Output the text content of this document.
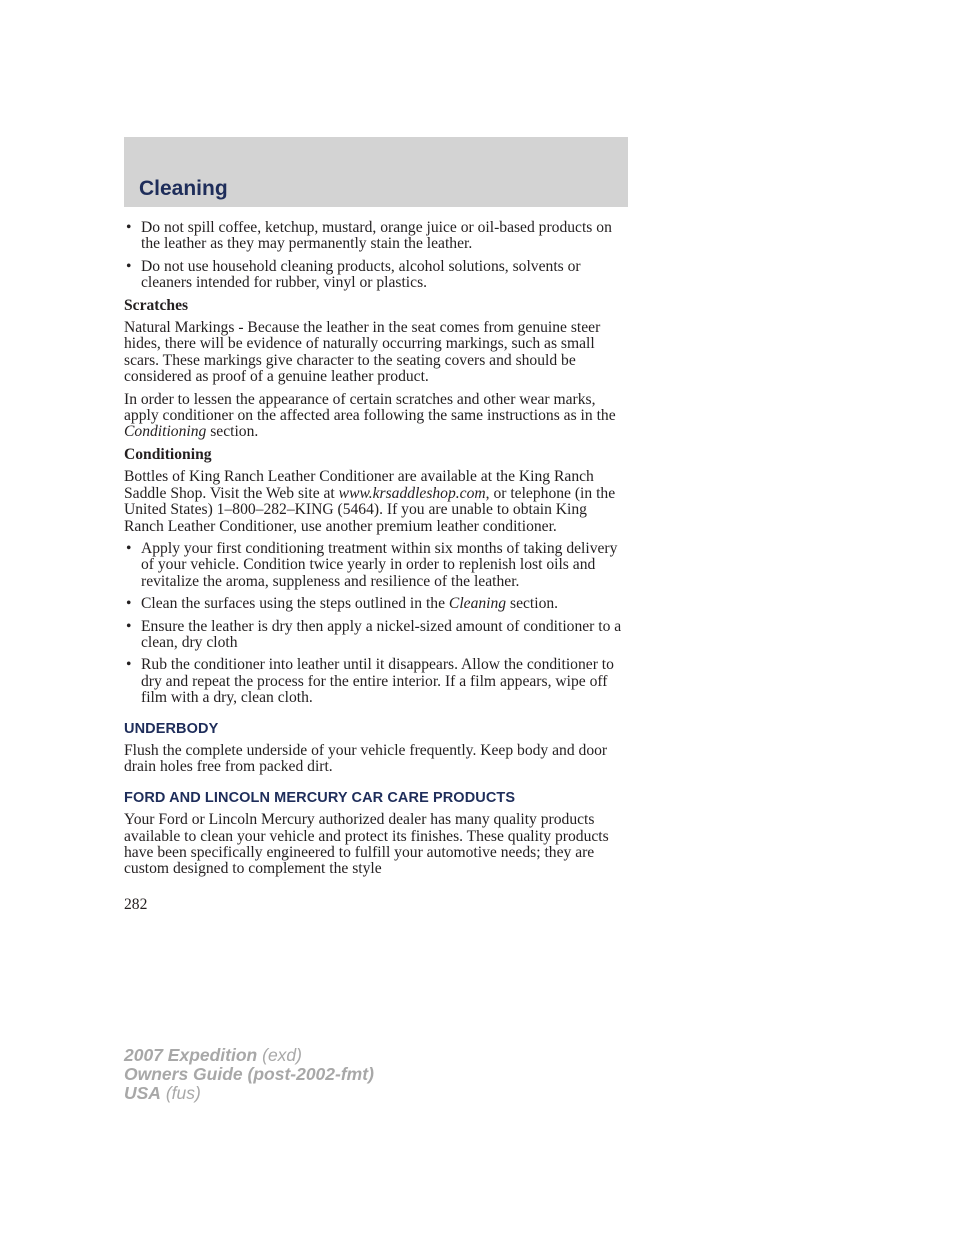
Cleaning
• Do not spill coffee, ketchup, mustard, orange juice or oil-based products on the leather as they may permanently stain the leather.
• Do not use household cleaning products, alcohol solutions, solvents or cleaners intended for rubber, vinyl or plastics.
Scratches

Natural Markings - Because the leather in the seat comes from genuine steer hides, there will be evidence of naturally occurring markings, such as small scars. These markings give character to the seating covers and should be considered as proof of a genuine leather product.

In order to lessen the appearance of certain scratches and other wear marks, apply conditioner on the affected area following the same instructions as in the Conditioning section.

Conditioning

Bottles of King Ranch Leather Conditioner are available at the King Ranch Saddle Shop. Visit the Web site at www.krsaddleshop.com, or telephone (in the United States) 1–800–282–KING (5464). If you are unable to obtain King Ranch Leather Conditioner, use another premium leather conditioner.

• Apply your first conditioning treatment within six months of taking delivery of your vehicle. Condition twice yearly in order to replenish lost oils and revitalize the aroma, suppleness and resilience of the leather.
• Clean the surfaces using the steps outlined in the Cleaning section.
• Ensure the leather is dry then apply a nickel-sized amount of conditioner to a clean, dry cloth
• Rub the conditioner into leather until it disappears. Allow the conditioner to dry and repeat the process for the entire interior. If a film appears, wipe off film with a dry, clean cloth.
UNDERBODY

Flush the complete underside of your vehicle frequently. Keep body and door drain holes free from packed dirt.

FORD AND LINCOLN MERCURY CAR CARE PRODUCTS

Your Ford or Lincoln Mercury authorized dealer has many quality products available to clean your vehicle and protect its finishes. These quality products have been specifically engineered to fulfill your automotive needs; they are custom designed to complement the style

282
2007 Expedition (exd)
Owners Guide (post-2002-fmt)
USA (fus)
